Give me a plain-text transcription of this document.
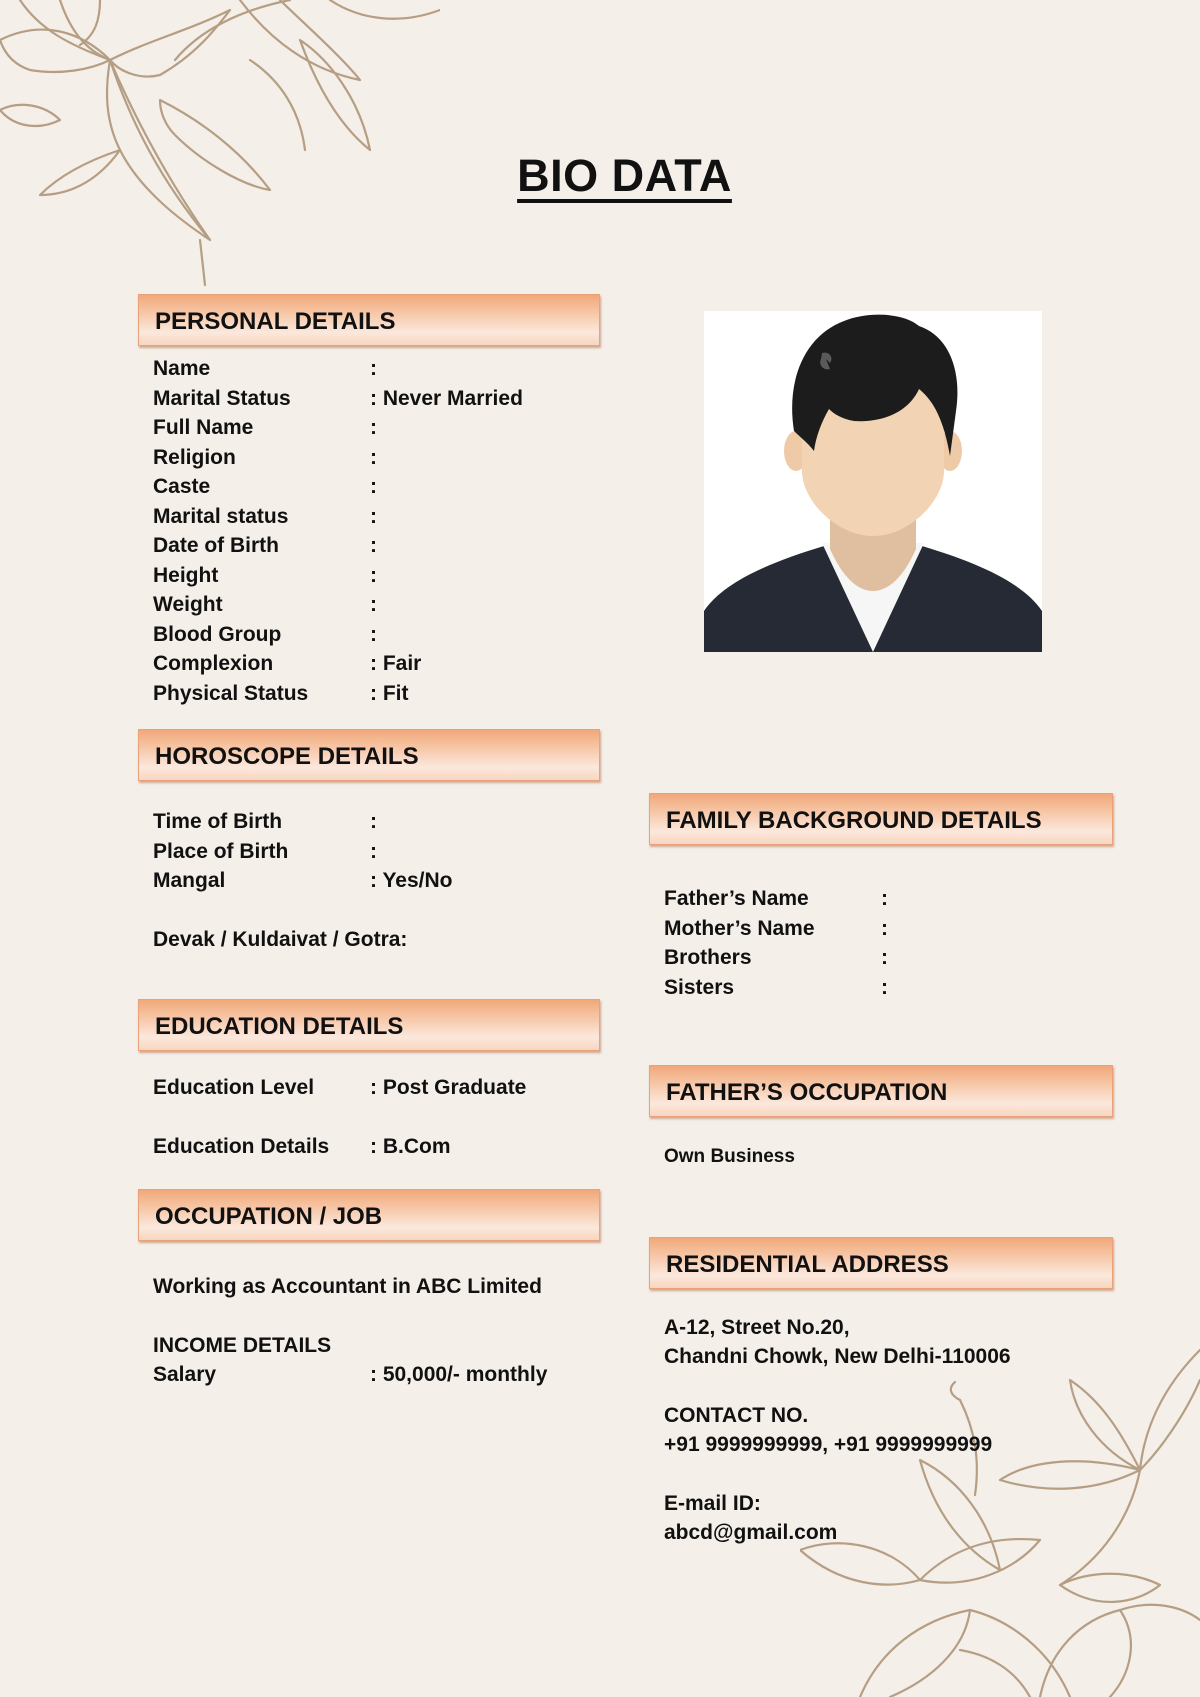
BIO DATA
PERSONAL DETAILS
Name	:
Marital Status	: Never Married
Full Name	:
Religion	:
Caste	:
Marital status	:
Date of Birth	:
Height	:
Weight	:
Blood Group	:
Complexion	: Fair
Physical Status	: Fit
HOROSCOPE DETAILS
Time of Birth	:
Place of Birth	:
Mangal	: Yes/No
Devak / Kuldaivat / Gotra:
EDUCATION DETAILS
Education Level	: Post Graduate
Education Details : B.Com
OCCUPATION / JOB
Working as Accountant in ABC Limited
INCOME DETAILS
Salary	: 50,000/- monthly
FAMILY BACKGROUND DETAILS
Father’s Name	:
Mother’s Name	:
Brothers	:
Sisters	:
FATHER’S OCCUPATION
Own Business
RESIDENTIAL ADDRESS
A-12, Street No.20,
Chandni Chowk, New Delhi-110006
CONTACT NO.
+91 9999999999, +91 9999999999
E-mail ID:
abcd@gmail.com
